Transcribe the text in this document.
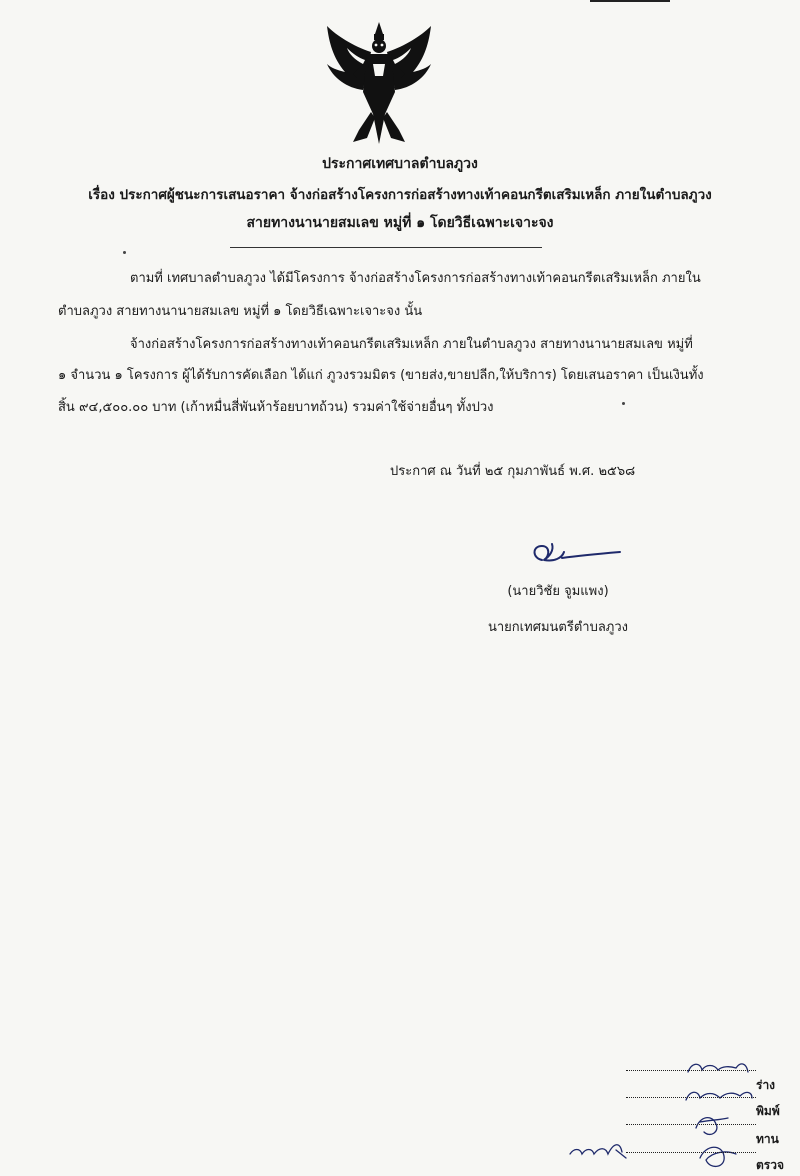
ประกาศเทศบาลตำบลภูวง
เรื่อง ประกาศผู้ชนะการเสนอราคา จ้างก่อสร้างโครงการก่อสร้างทางเท้าคอนกรีตเสริมเหล็ก ภายในตำบลภูวง
สายทางนานายสมเลข หมู่ที่ ๑ โดยวิธีเฉพาะเจาะจง
ตามที่ เทศบาลตำบลภูวง ได้มีโครงการ จ้างก่อสร้างโครงการก่อสร้างทางเท้าคอนกรีตเสริมเหล็ก ภายใน
ตำบลภูวง สายทางนานายสมเลข หมู่ที่ ๑ โดยวิธีเฉพาะเจาะจง นั้น
จ้างก่อสร้างโครงการก่อสร้างทางเท้าคอนกรีตเสริมเหล็ก ภายในตำบลภูวง สายทางนานายสมเลข หมู่ที่
๑ จำนวน ๑ โครงการ ผู้ได้รับการคัดเลือก ได้แก่ ภูวงรวมมิตร (ขายส่ง,ขายปลีก,ให้บริการ) โดยเสนอราคา เป็นเงินทั้ง
สิ้น ๙๔,๕๐๐.๐๐ บาท (เก้าหมื่นสี่พันห้าร้อยบาทถ้วน) รวมค่าใช้จ่ายอื่นๆ ทั้งปวง
ประกาศ ณ วันที่ ๒๕ กุมภาพันธ์ พ.ศ. ๒๕๖๘
(นายวิชัย จูมแพง)
นายกเทศมนตรีตำบลภูวง
ร่าง
พิมพ์
ทาน
ตรวจ
